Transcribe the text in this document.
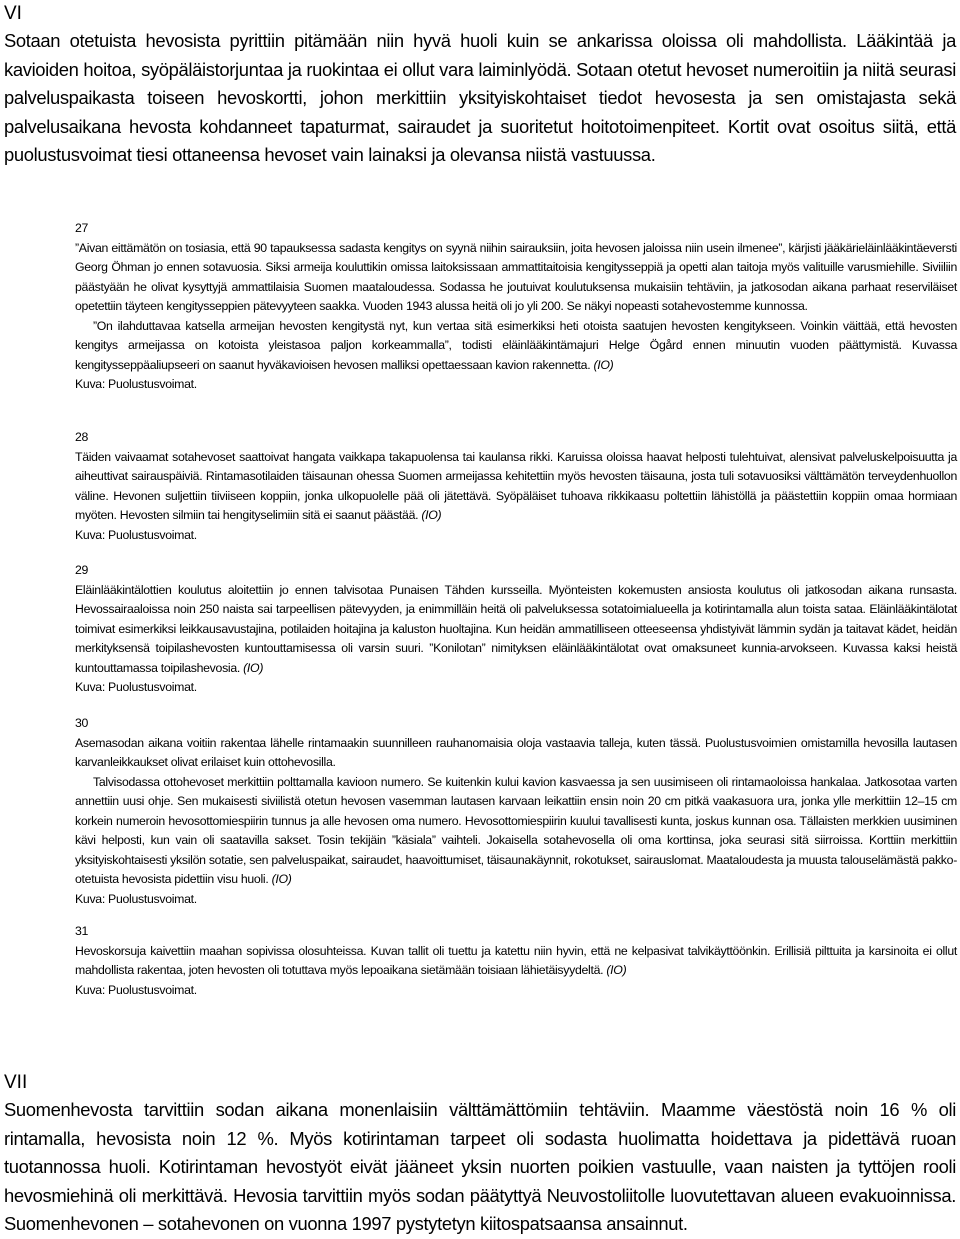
VI

Sotaan otetuista hevosista pyrittiin pitämään niin hyvä huoli kuin se ankarissa oloissa oli mahdollista. Lääkintää ja kavioiden hoitoa, syöpäläistorjuntaa ja ruokintaa ei ollut vara laiminlyödä. Sotaan otetut hevoset numeroitiin ja niitä seurasi palveluspaikasta toiseen hevoskortti, johon merkittiin yksityiskohtaiset tiedot hevosesta ja sen omistajasta sekä palvelusaikana hevosta kohdanneet tapaturmat, sairaudet ja suoritetut hoitotoimenpiteet. Kortit ovat osoitus siitä, että puolustusvoimat tiesi ottaneensa hevoset vain lainaksi ja olevansa niistä vastuussa.

27

”Aivan eittämätön on tosiasia, että 90 tapauksessa sadasta kengitys on syynä niihin sairauksiin, joita hevosen jaloissa niin usein ilmenee”, kärjisti jääkärieläinlääkintäeversti Georg Öhman jo ennen sotavuosia. Siksi armeija kouluttikin omissa laitoksissaan ammattitaitoisia kengitysseppiä ja opetti alan taitoja myös valituille varusmiehille. Siviiliin päästyään he olivat kysyttyjä ammattilaisia Suomen maataloudessa. Sodassa he joutuivat koulutuksensa mukaisiin tehtäviin, ja jatkosodan aikana parhaat reserviläiset opetettiin täyteen kengitysseppien pätevyyteen saakka. Vuoden 1943 alussa heitä oli jo yli 200. Se näkyi nopeasti sotahevostemme kunnossa.

”On ilahduttavaa katsella armeijan hevosten kengitystä nyt, kun vertaa sitä esimerkiksi heti otoista saatujen hevosten kengitykseen. Voinkin väittää, että hevosten kengitys armeijassa on kotoista yleistasoa paljon korkeammalla”, todisti eläinlääkintämajuri Helge Ögård ennen minuutin vuoden päättymistä. Kuvassa kengitysseppäaliupseeri on saanut hyväkavioisen hevosen malliksi opettaessaan kavion rakennetta. (IO)

Kuva: Puolustusvoimat.
28

Täiden vaivaamat sotahevoset saattoivat hangata vaikkapa takapuolensa tai kaulansa rikki. Karuissa oloissa haavat helposti tulehtuivat, alensivat palveluskelpoisuutta ja aiheuttivat sairauspäiviä. Rintamasotilaiden täisaunan ohessa Suomen armeijassa kehitettiin myös hevosten täisauna, josta tuli sotavuosiksi välttämätön terveydenhuollon väline. Hevonen suljettiin tiiviiseen koppiin, jonka ulkopuolelle pää oli jätettävä. Syöpäläiset tuhoava rikkikaasu poltettiin lähistöllä ja päästettiin koppiin omaa hormiaan myöten. Hevosten silmiin tai hengityselimiin sitä ei saanut päästää. (IO)

Kuva: Puolustusvoimat.
29

Eläinlääkintälottien koulutus aloitettiin jo ennen talvisotaa Punaisen Tähden kursseilla. Myönteisten kokemusten ansiosta koulutus oli jatkosodan aikana runsasta. Hevossairaaloissa noin 250 naista sai tarpeellisen pätevyyden, ja enimmilläin heitä oli palveluksessa sotatoimialueella ja kotirintamalla alun toista sataa. Eläinlääkintälotat toimivat esimerkiksi leikkausavustajina, potilaiden hoitajina ja kaluston huoltajina. Kun heidän ammatilliseen otteeseensa yhdistyivät lämmin sydän ja taitavat kädet, heidän merkityksensä toipilashevosten kuntouttamisessa oli varsin suuri. ”Konilotan” nimityksen eläinlääkintälotat ovat omaksuneet kunnia-arvokseen. Kuvassa kaksi heistä kuntouttamassa toipilashevosia. (IO)

Kuva: Puolustusvoimat.
30

Asemasodan aikana voitiin rakentaa lähelle rintamaakin suunnilleen rauhanomaisia oloja vastaavia talleja, kuten tässä. Puolustusvoimien omistamilla hevosilla lautasen karvanleikkaukset olivat erilaiset kuin ottohevosilla.

Talvisodassa ottohevoset merkittiin polttamalla kavioon numero. Se kuitenkin kului kavion kasvaessa ja sen uusimiseen oli rintamaoloissa hankalaa. Jatkosotaa varten annettiin uusi ohje. Sen mukaisesti siviilistä otetun hevosen vasemman lautasen karvaan leikattiin ensin noin 20 cm pitkä vaakasuora ura, jonka ylle merkittiin 12–15 cm korkein numeroin hevosottomiespiirin tunnus ja alle hevosen oma numero. Hevosottomiespiirin kuului tavallisesti kunta, joskus kunnan osa. Tällaisten merkkien uusiminen kävi helposti, kun vain oli saatavilla sakset. Tosin tekijäin ”käsiala” vaihteli. Jokaisella sotahevosella oli oma korttinsa, joka seurasi sitä siirroissa. Korttiin merkittiin yksityiskohtaisesti yksilön sotatie, sen palveluspaikat, sairaudet, haavoittumiset, täisaunakäynnit, rokotukset, sairauslomat. Maataloudesta ja muusta talouselämästä pakko-otetuista hevosista pidettiin visu huoli. (IO)

Kuva: Puolustusvoimat.
31

Hevoskorsuja kaivettiin maahan sopivissa olosuhteissa. Kuvan tallit oli tuettu ja katettu niin hyvin, että ne kelpasivat talvikäyttöönkin. Erillisiä pilttuita ja karsinoita ei ollut mahdollista rakentaa, joten hevosten oli totuttava myös lepoaikana sietämään toisiaan lähietäisyydeltä. (IO)

Kuva: Puolustusvoimat.
VII

Suomenhevosta tarvittiin sodan aikana monenlaisiin välttämättömiin tehtäviin. Maamme väestöstä noin 16 % oli rintamalla, hevosista noin 12 %. Myös kotirintaman tarpeet oli sodasta huolimatta hoidettava ja pidettävä ruoan tuotannossa huoli. Kotirintaman hevostyöt eivät jääneet yksin nuorten poikien vastuulle, vaan naisten ja tyttöjen rooli hevosmiehinä oli merkittävä. Hevosia tarvittiin myös sodan päätyttyä Neuvostoliitolle luovutettavan alueen evakuoinnissa. Suomenhevonen – sotahevonen on vuonna 1997 pystytetyn kiitospatsaansa ansainnut.
